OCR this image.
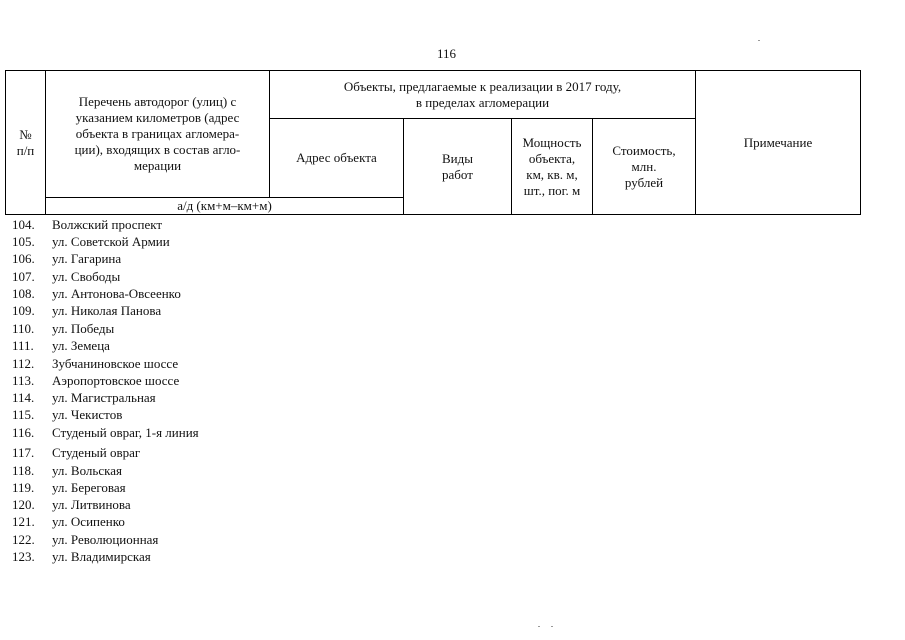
116
№
п/п
Перечень автодорог (улиц) с
указанием километров (адрес
объекта в границах агломера-
ции), входящих в состав агло-
мерации
а/д (км+м–км+м)
Объекты, предлагаемые к реализации в 2017 году,
в пределах агломерации
Адрес объекта	Виды
работ
Мощность
объекта,
км, кв. м,
шт., пог. м
Стоимость,
млн.
рублей
Примечание
104. Волжский проспект
105. ул. Советской Армии
106. ул. Гагарина
107. ул. Свободы
108. ул. Антонова-Овсеенко
109. ул. Николая Панова
110. ул. Победы
111. ул. Земеца
112. Зубчаниновское шоссе
113. Аэропортовское шоссе
114. ул. Магистральная
115. ул. Чекистов
116. Студеный овраг, 1-я линия
117. Студеный овраг
118. ул. Вольская
119. ул. Береговая
120. ул. Литвинова
121. ул. Осипенко
122. ул. Революционная
123. ул. Владимирская
